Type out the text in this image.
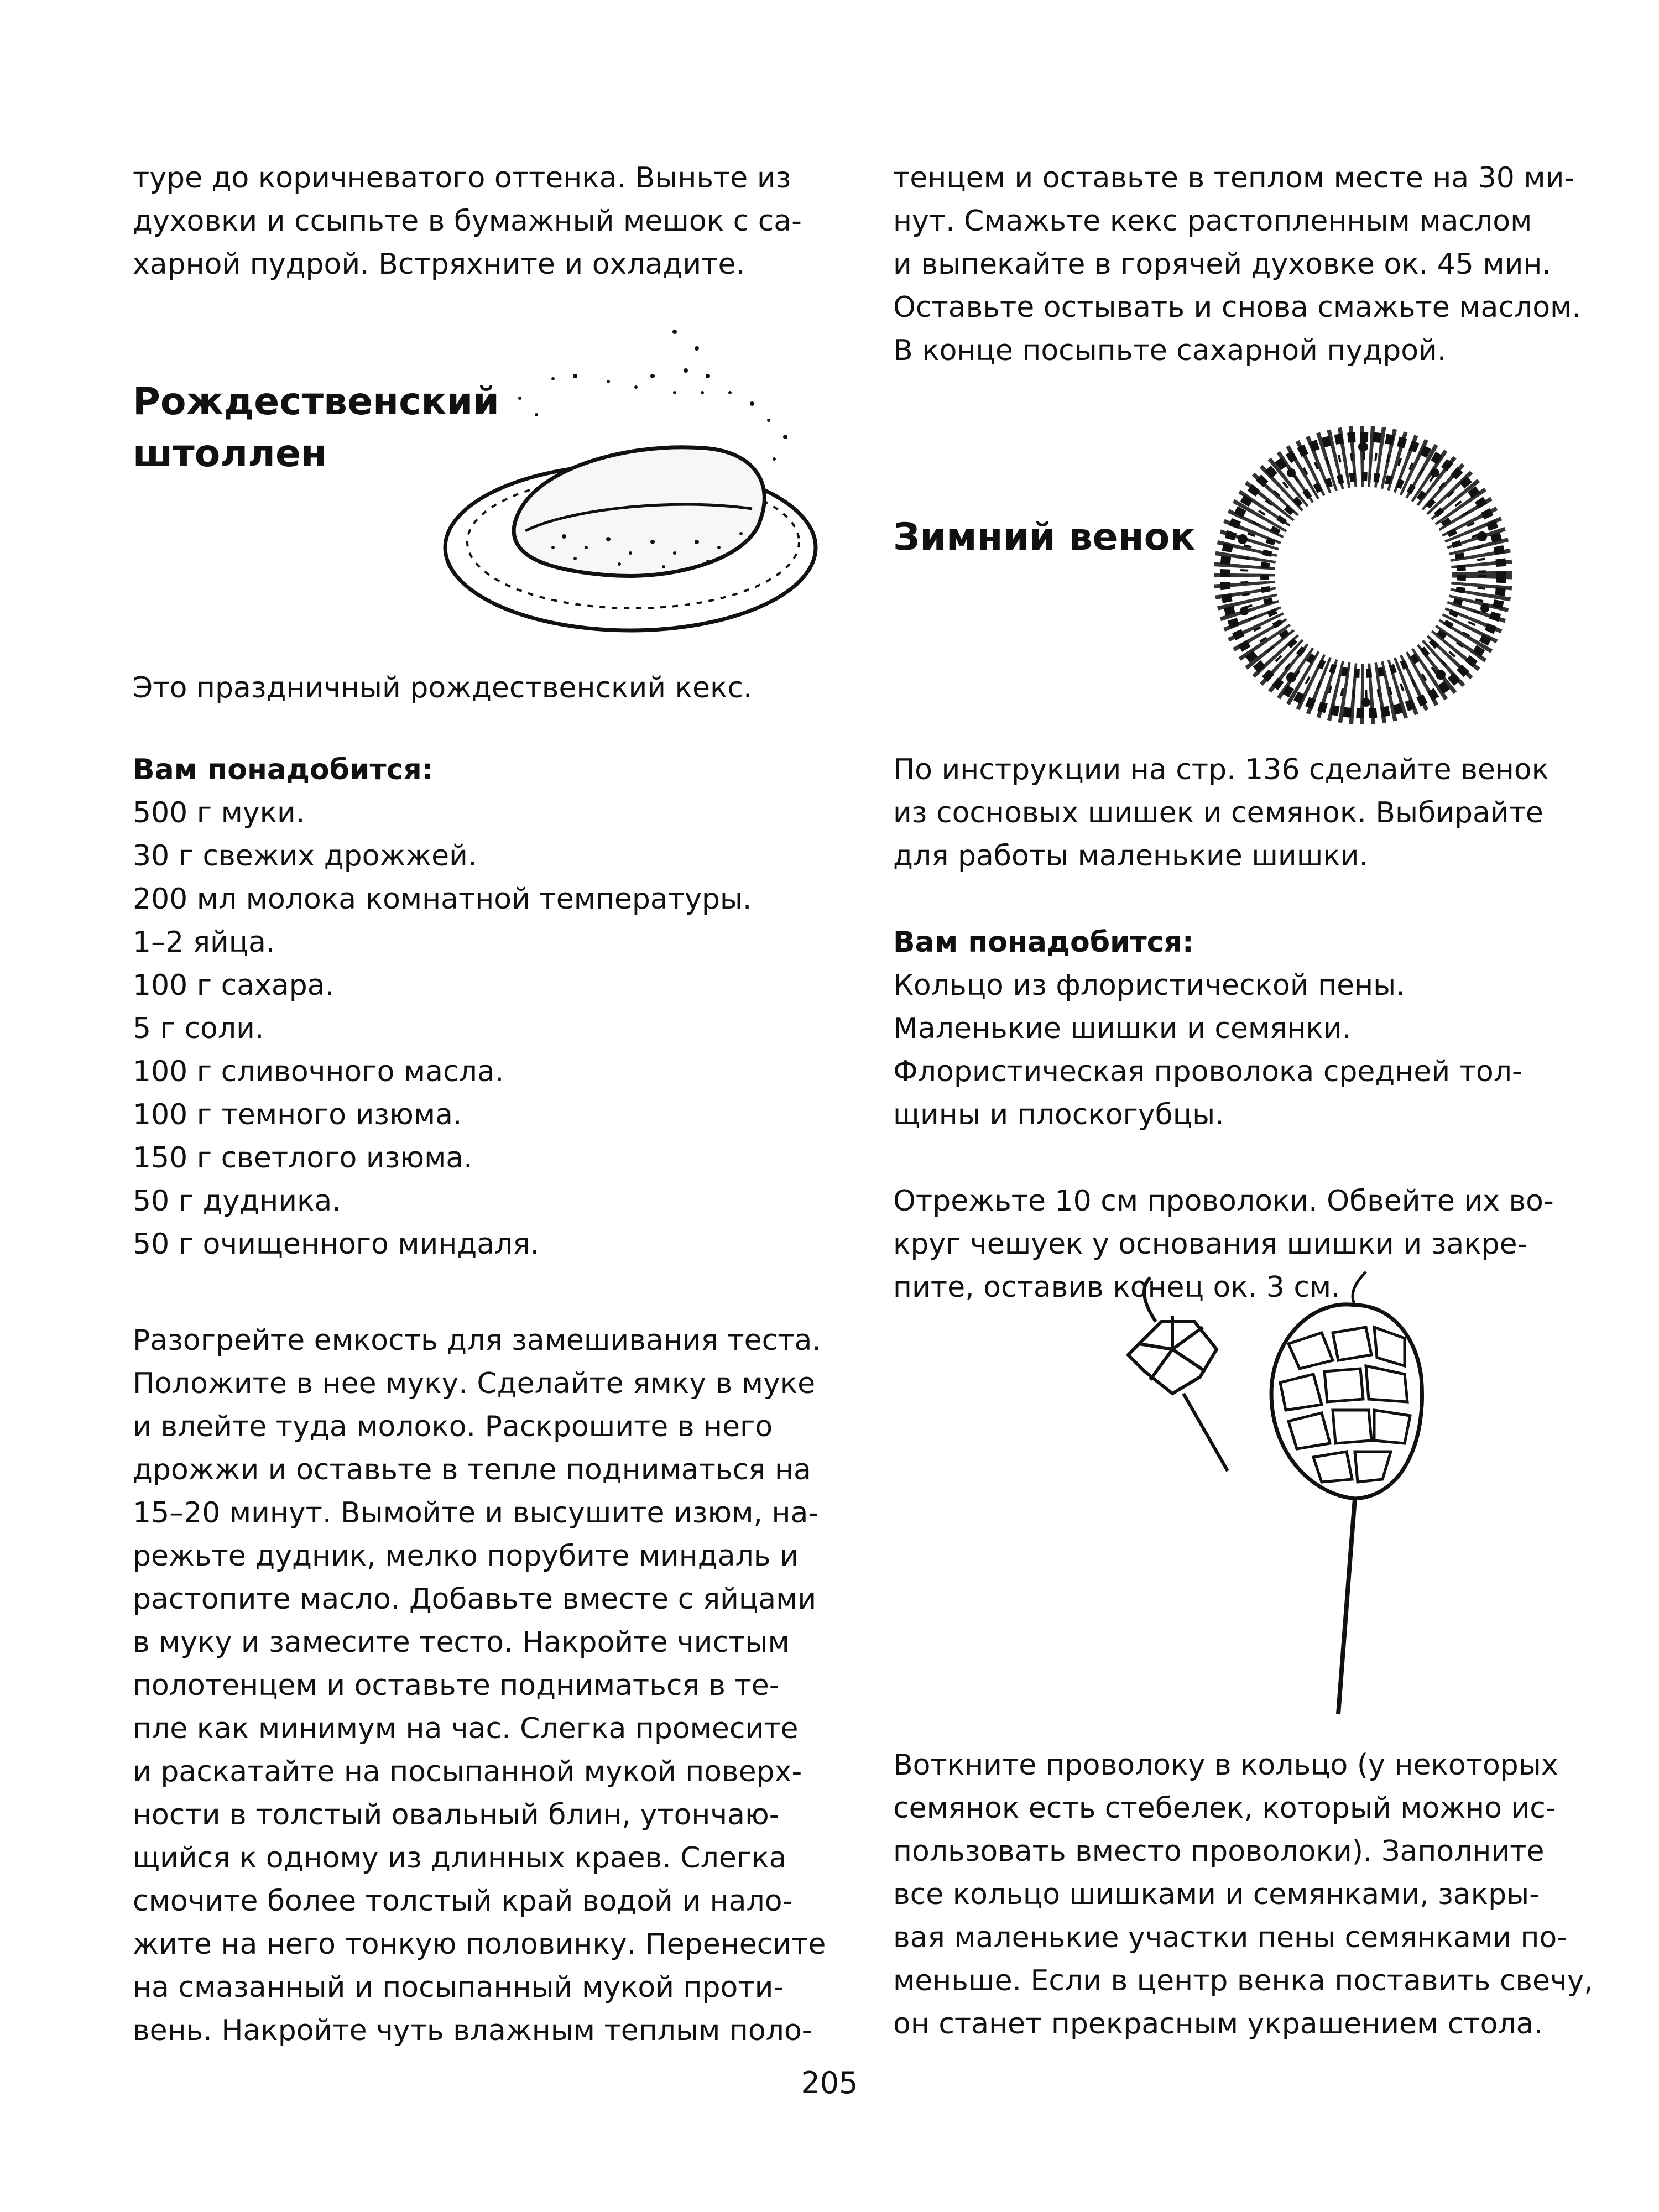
туре до коричневатого оттенка. Выньте из
духовки и ссыпьте в бумажный мешок с са-
харной пудрой. Встряхните и охладите.
Рождественский
штоллен
Это праздничный рождественский кекс.
Вам понадобится:
500 г муки.
30 г свежих дрожжей.
200 мл молока комнатной температуры.
1–2 яйца.
100 г сахара.
5 г соли.
100 г сливочного масла.
100 г темного изюма.
150 г светлого изюма.
50 г дудника.
50 г очищенного миндаля.
Разогрейте емкость для замешивания теста.
Положите в нее муку. Сделайте ямку в муке
и влейте туда молоко. Раскрошите в него
дрожжи и оставьте в тепле подниматься на
15–20 минут. Вымойте и высушите изюм, на-
режьте дудник, мелко порубите миндаль и
растопите масло. Добавьте вместе с яйцами
в муку и замесите тесто. Накройте чистым
полотенцем и оставьте подниматься в те-
пле как минимум на час. Слегка промесите
и раскатайте на посыпанной мукой поверх-
ности в толстый овальный блин, утончаю-
щийся к одному из длинных краев. Слегка
смочите более толстый край водой и нало-
жите на него тонкую половинку. Перенесите
на смазанный и посыпанный мукой проти-
вень. Накройте чуть влажным теплым поло-
тенцем и оставьте в теплом месте на 30 ми-
нут. Смажьте кекс растопленным маслом
и выпекайте в горячей духовке ок. 45 мин.
Оставьте остывать и снова смажьте маслом.
В конце посыпьте сахарной пудрой.
Зимний венок
По инструкции на стр. 136 сделайте венок
из сосновых шишек и семянок. Выбирайте
для работы маленькие шишки.
Вам понадобится:
Кольцо из флористической пены.
Маленькие шишки и семянки.
Флористическая проволока средней тол-
щины и плоскогубцы.
Отрежьте 10 см проволоки. Обвейте их во-
круг чешуек у основания шишки и закре-
пите, оставив конец ок. 3 см.
Воткните проволоку в кольцо (у некоторых
семянок есть стебелек, который можно ис-
пользовать вместо проволоки). Заполните
все кольцо шишками и семянками, закры-
вая маленькие участки пены семянками по-
меньше. Если в центр венка поставить свечу,
он станет прекрасным украшением стола.
205
